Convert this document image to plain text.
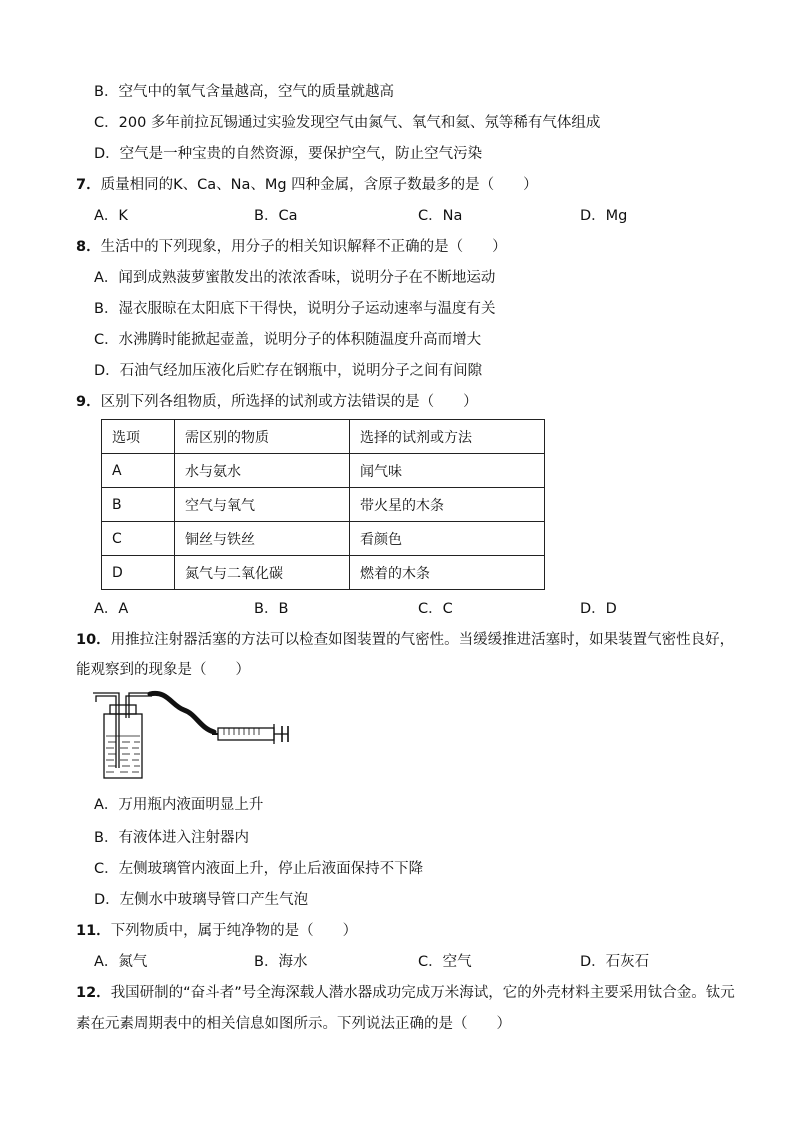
B．空气中的氧气含量越高，空气的质量就越高
C．200 多年前拉瓦锡通过实验发现空气由氮气、氧气和氦、氖等稀有气体组成
D．空气是一种宝贵的自然资源，要保护空气，防止空气污染
7．质量相同的K、Ca、Na、Mg 四种金属，含原子数最多的是（　　）
A．K	B．Ca	C．Na	D．Mg
8．生活中的下列现象，用分子的相关知识解释不正确的是（　　）
A．闻到成熟菠萝蜜散发出的浓浓香味，说明分子在不断地运动
B．湿衣服晾在太阳底下干得快，说明分子运动速率与温度有关
C．水沸腾时能掀起壶盖，说明分子的体积随温度升高而增大
D．石油气经加压液化后贮存在钢瓶中，说明分子之间有间隙
9．区别下列各组物质，所选择的试剂或方法错误的是（　　）
选项	需区别的物质	选择的试剂或方法
A	水与氨水	闻气味
B	空气与氧气	带火星的木条
C	铜丝与铁丝	看颜色
D	氮气与二氧化碳	燃着的木条
A．A	B．B	C．C	D．D
10．用推拉注射器活塞的方法可以检查如图装置的气密性。当缓缓推进活塞时，如果装置气密性良好，
能观察到的现象是（　　）
A．万用瓶内液面明显上升
B．有液体进入注射器内
C．左侧玻璃管内液面上升，停止后液面保持不下降
D．左侧水中玻璃导管口产生气泡
11．下列物质中，属于纯净物的是（　　）
A．氮气	B．海水	C．空气	D．石灰石
12．我国研制的“奋斗者”号全海深载人潜水器成功完成万米海试，它的外壳材料主要采用钛合金。钛元
素在元素周期表中的相关信息如图所示。下列说法正确的是（　　）
